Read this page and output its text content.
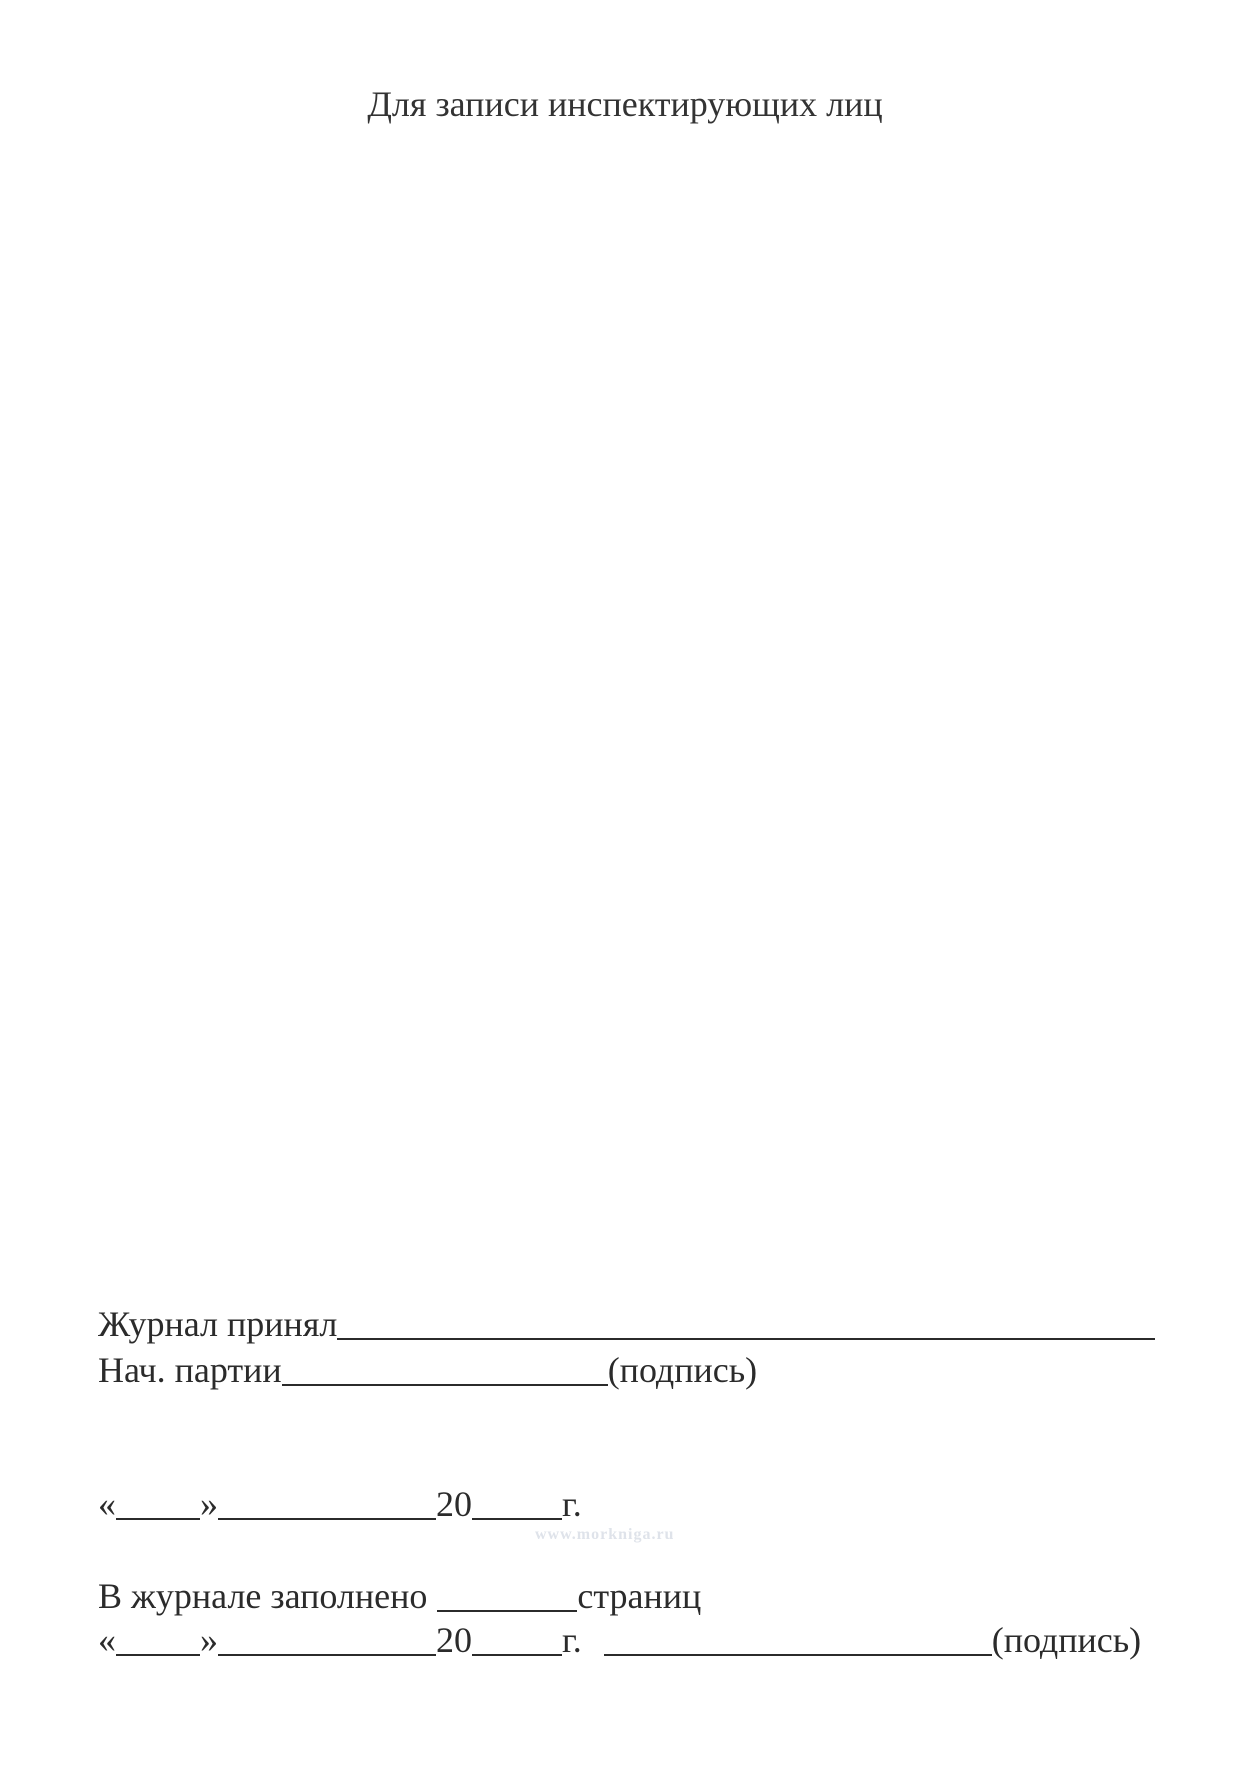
Для записи инспектирующих лиц
Журнал принял
Нач. партии	(подпись)
« »	20	г.
В журнале заполнено	страниц
« »	20	г.	(подпись)
www.morkniga.ru
